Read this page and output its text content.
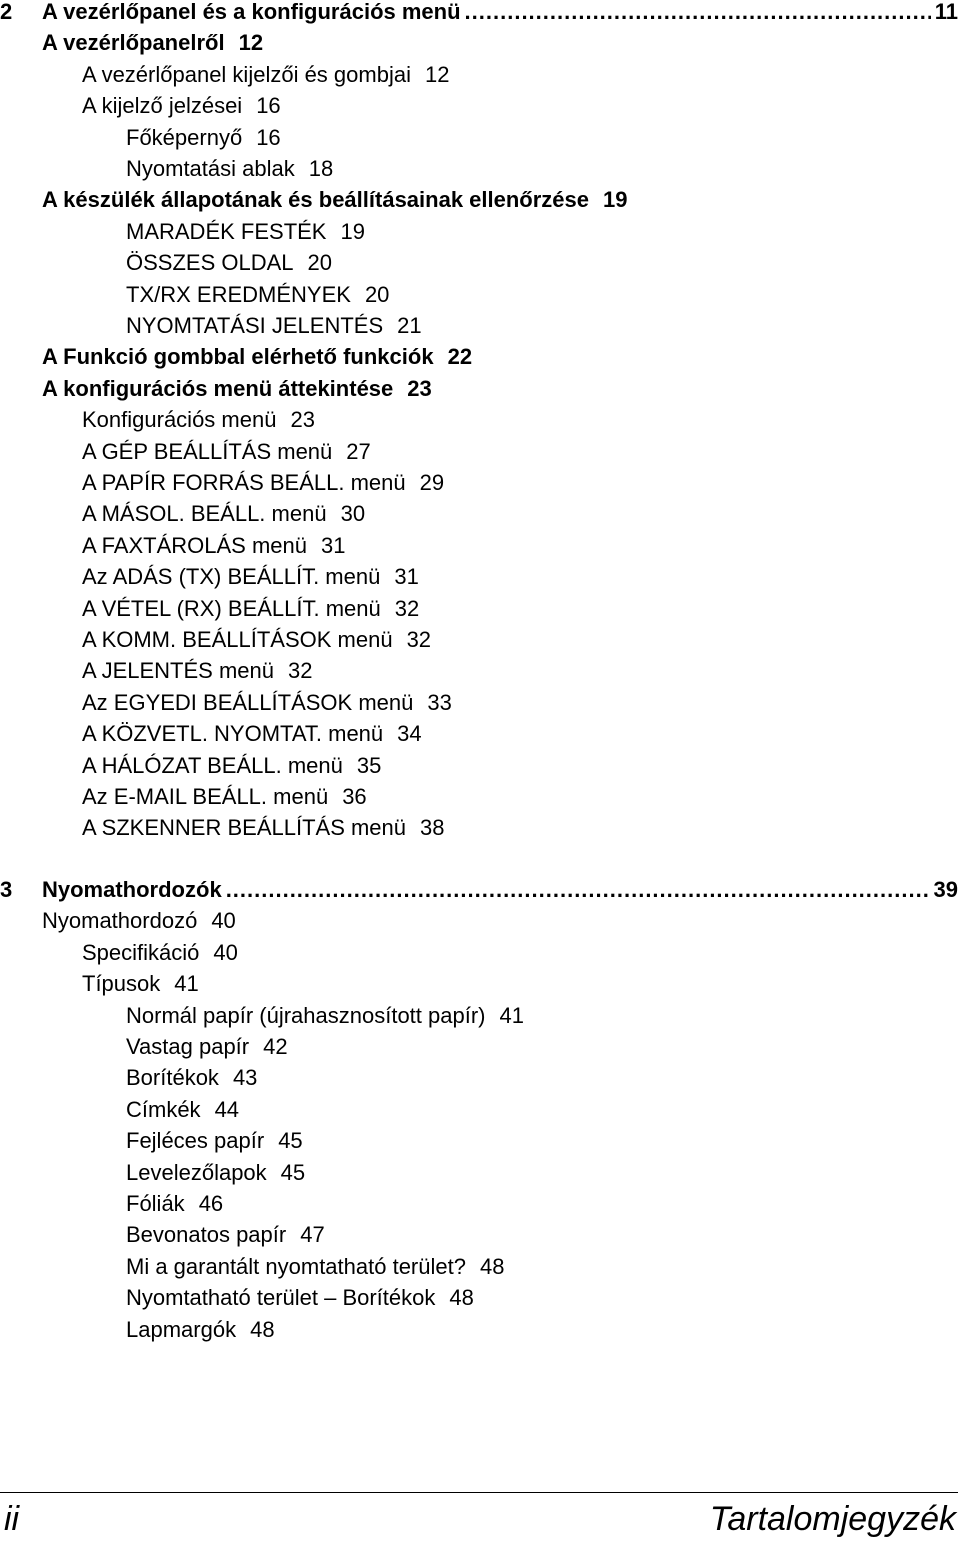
2	A vezérlőpanel és a konfigurációs menü .....	11
A vezérlőpanelről 12
A vezérlőpanel kijelzői és gombjai 12
A kijelző jelzései 16
Főképernyő 16
Nyomtatási ablak 18
A készülék állapotának és beállításainak ellenőrzése 19
MARADÉK FESTÉK 19
ÖSSZES OLDAL 20
TX/RX EREDMÉNYEK 20
NYOMTATÁSI JELENTÉS 21
A Funkció gombbal elérhető funkciók 22
A konfigurációs menü áttekintése 23
Konfigurációs menü 23
A GÉP BEÁLLÍTÁS menü 27
A PAPÍR FORRÁS BEÁLL. menü 29
A MÁSOL. BEÁLL. menü 30
A FAXTÁROLÁS menü 31
Az ADÁS (TX) BEÁLLÍT. menü 31
A VÉTEL (RX) BEÁLLÍT. menü 32
A KOMM. BEÁLLÍTÁSOK menü 32
A JELENTÉS menü 32
Az EGYEDI BEÁLLÍTÁSOK menü 33
A KÖZVETL. NYOMTAT. menü 34
A HÁLÓZAT BEÁLL. menü 35
Az E-MAIL BEÁLL. menü 36
A SZKENNER BEÁLLÍTÁS menü 38
3	Nyomathordozók .....	39
Nyomathordozó 40
Specifikáció 40
Típusok 41
Normál papír (újrahasznosított papír) 41
Vastag papír 42
Borítékok 43
Címkék 44
Fejléces papír 45
Levelezőlapok 45
Fóliák 46
Bevonatos papír 47
Mi a garantált nyomtatható terület? 48
Nyomtatható terület – Borítékok 48
Lapmargók 48
ii	Tartalomjegyzék
